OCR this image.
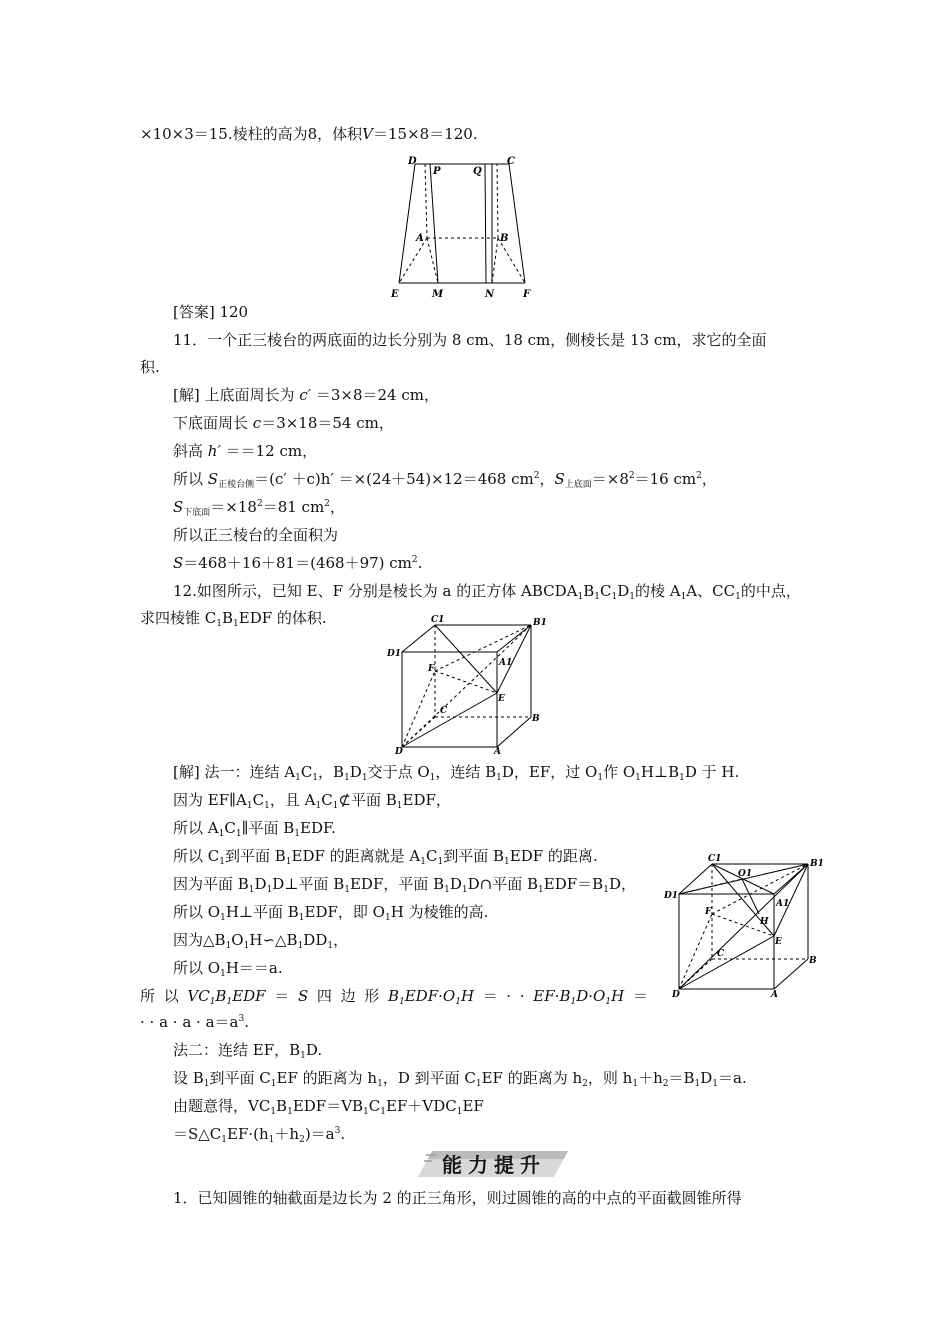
×10×3＝15.棱柱的高为8，体积V＝15×8＝120.
D
P	Q
C
A	B
E	M	N	F
[答案] 120
11．一个正三棱台的两底面的边长分别为 8 cm、18 cm，侧棱长是 13 cm，求它的全面
积.
[解] 上底面周长为 c′ ＝3×8＝24 cm，
下底面周长 c＝3×18＝54 cm，
斜高 h′ ＝＝12 cm，
所以 $S_{正棱台侧}=(c' +c)h' =\times(24+54)\times 12=468$ $cm^2$，$S_{上底面}=\times 8^2=16$ $cm^2$，
$S_{下底面}=\times 18^2=81$ $cm^2$，
所以正三棱台的全面积为
S＝468＋16＋81＝(468＋97) $cm^2$.
12.如图所示，已知 E、F 分别是棱长为 a 的正方体 $ABCDA_1B_1C_1D_1$的棱 $A_1A$、$CC_1$的中点，
求四棱锥 $C_1B_1EDF$ 的体积.	C1	B1
D1
A1
F
E
C
B
D	A
[解] 法一：连结 $A_1C_1$，$B_1D_1$交于点 $O_1$，连结 $B_1D$，EF，过 $O_1$作 $O_1H\perp B_1D$ 于 H.
因为 $EF\parallel A_1C_1$，且 $A_1C_1⊄$平面 $B_1EDF$，
所以 $A_1C_1\parallel$平面 $B_1EDF$.
所以 $C_1$到平面 $B_1EDF$ 的距离就是 $A_1C_1$到平面 $B_1EDF$ 的距离.
因为平面 $B_1D_1D\perp$平面 $B_1EDF$，平面 $B_1D_1D\cap$平面 $B_1EDF=B_1D$，
所以 $O_1H\perp$平面 $B_1EDF$，即 $O_1H$ 为棱锥的高.
因为$\triangle B_1O_1H∽\triangle B_1DD_1$，
所以 $O_1H==a$.
所 以 $VC_1B_1EDF = S$ 四 边 形 $B_1EDF\cdot O_1H$ ＝ · · $EF\cdot B_1D\cdot O_1H$ ＝
· · $a \cdot a \cdot a=a^3$.
C1	B1
O1
D1
A1
F
H
E
C
B
D	A
法二：连结 EF，$B_1D$.
设 $B_1$到平面 $C_1EF$ 的距离为 $h_1$，D 到平面 $C_1EF$ 的距离为 $h_2$，则 $h_1+h_2=B_1D_1=a$.
由题意得，$VC_1B_1EDF=VB_1C_1EF+VDC_1EF$
$=S\triangle C_1EF\cdot(h_1+h_2)=a^3$.
能力提升
1．已知圆锥的轴截面是边长为 2 的正三角形，则过圆锥的高的中点的平面截圆锥所得
